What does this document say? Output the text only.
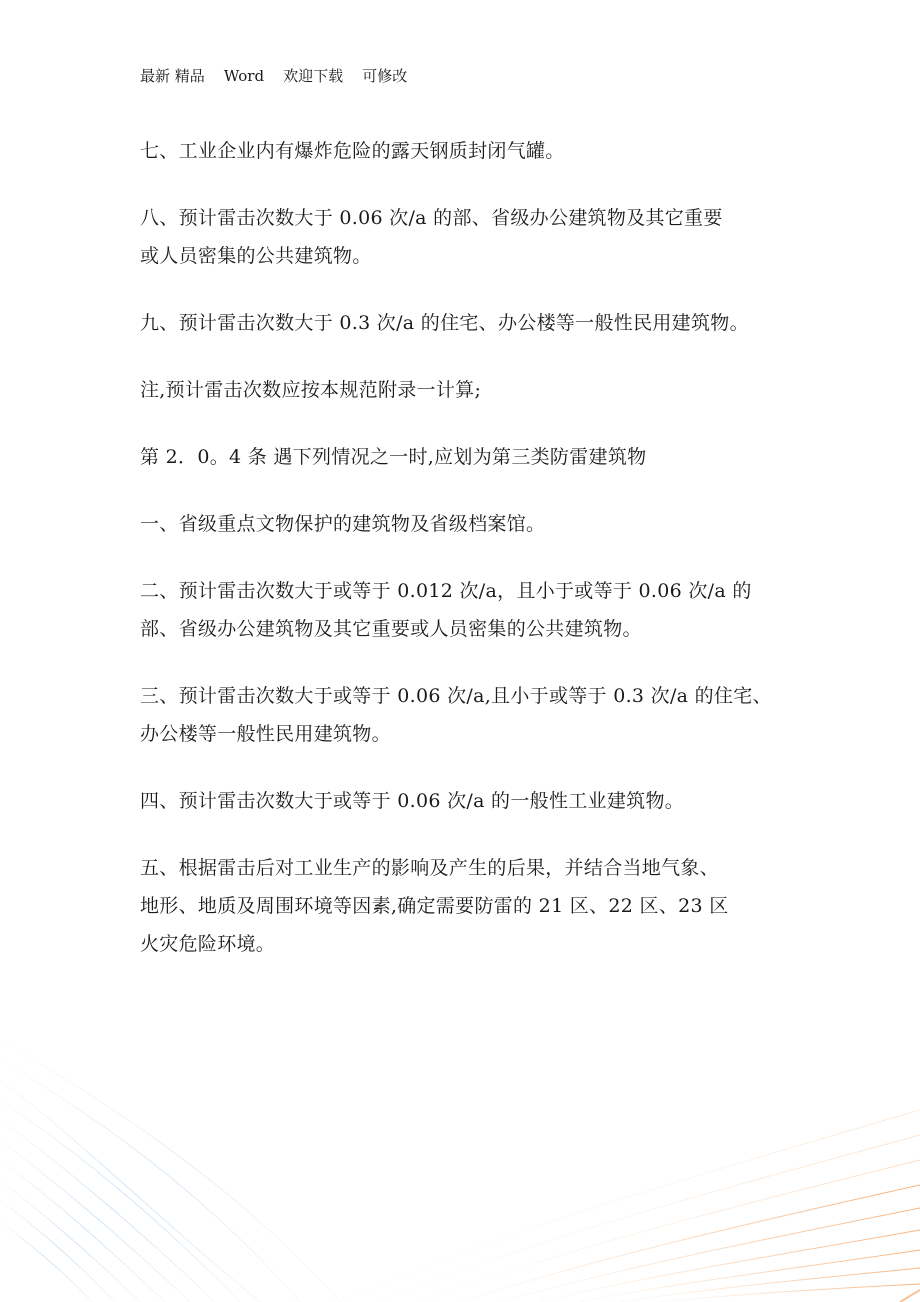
最新 精品 Word 欢迎下载 可修改

七、工业企业内有爆炸危险的露天钢质封闭气罐。

八、预计雷击次数大于 0.06 次/a 的部、省级办公建筑物及其它重要
或人员密集的公共建筑物。

九、预计雷击次数大于 0.3 次/a 的住宅、办公楼等一般性民用建筑物。

注,预计雷击次数应按本规范附录一计算;

第 2．0。4 条 遇下列情况之一时,应划为第三类防雷建筑物

一、省级重点文物保护的建筑物及省级档案馆。

二、预计雷击次数大于或等于 0.012 次/a，且小于或等于 0.06 次/a 的
部、省级办公建筑物及其它重要或人员密集的公共建筑物。

三、预计雷击次数大于或等于 0.06 次/a,且小于或等于 0.3 次/a 的住宅、
办公楼等一般性民用建筑物。

四、预计雷击次数大于或等于 0.06 次/a 的一般性工业建筑物。

五、根据雷击后对工业生产的影响及产生的后果，并结合当地气象、
地形、地质及周围环境等因素,确定需要防雷的 21 区、22 区、23 区
火灾危险环境。
